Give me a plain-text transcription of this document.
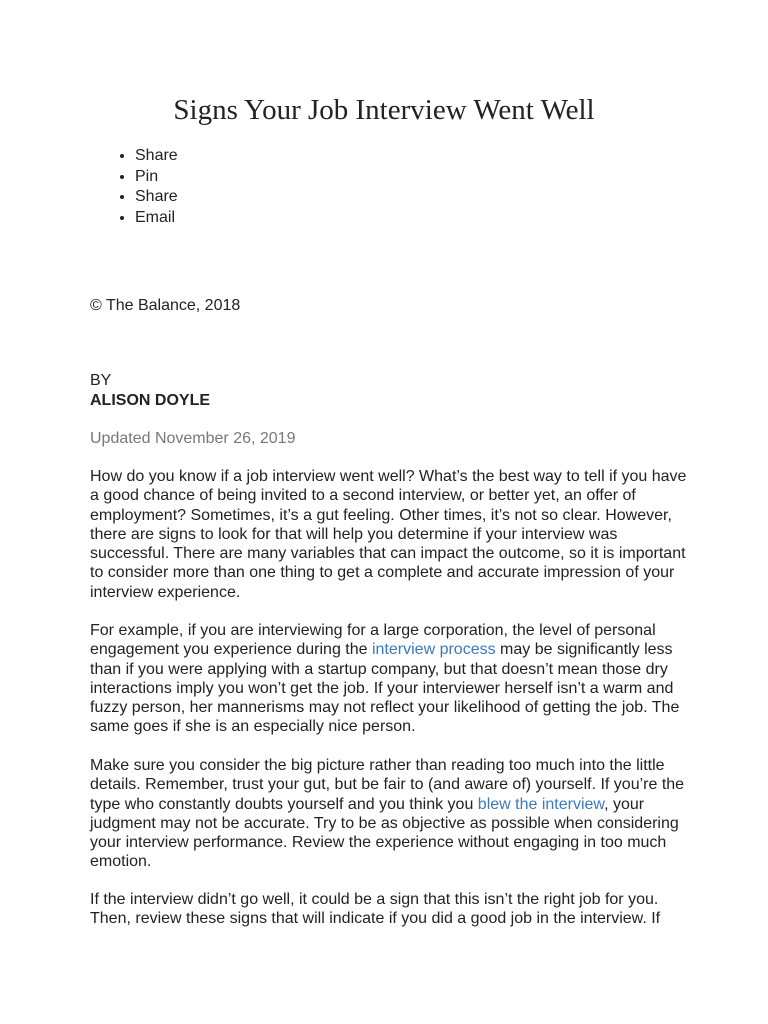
Signs Your Job Interview Went Well
• Share
• Pin
• Share
• Email

© The Balance, 2018

BY
ALISON DOYLE

Updated November 26, 2019

How do you know if a job interview went well? What’s the best way to tell if you have a good chance of being invited to a second interview, or better yet, an offer of employment? Sometimes, it’s a gut feeling. Other times, it’s not so clear. However, there are signs to look for that will help you determine if your interview was successful. There are many variables that can impact the outcome, so it is important to consider more than one thing to get a complete and accurate impression of your interview experience.

For example, if you are interviewing for a large corporation, the level of personal engagement you experience during the interview process may be significantly less than if you were applying with a startup company, but that doesn’t mean those dry interactions imply you won’t get the job. If your interviewer herself isn’t a warm and fuzzy person, her mannerisms may not reflect your likelihood of getting the job. The same goes if she is an especially nice person.

Make sure you consider the big picture rather than reading too much into the little details. Remember, trust your gut, but be fair to (and aware of) yourself. If you’re the type who constantly doubts yourself and you think you blew the interview, your judgment may not be accurate. Try to be as objective as possible when considering your interview performance. Review the experience without engaging in too much emotion.

If the interview didn’t go well, it could be a sign that this isn’t the right job for you. Then, review these signs that will indicate if you did a good job in the interview. If
